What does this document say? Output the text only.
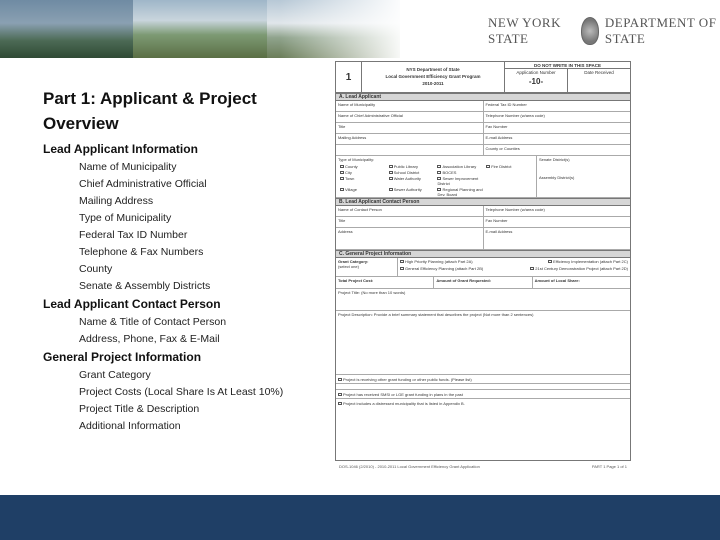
NEW YORK STATE
DEPARTMENT OF STATE
Part 1: Applicant & Project Overview
Lead Applicant Information
Name of Municipality
Chief Administrative Official
Mailing Address
Type of Municipality
Federal Tax ID Number
Telephone & Fax Numbers
County
Senate & Assembly Districts
Lead Applicant Contact Person
Name & Title of Contact Person
Address, Phone, Fax & E-Mail
General Project Information
Grant Category
Project Costs (Local Share Is At Least 10%)
Project Title & Description
Additional Information
1
NYS Department of State
Local Government Efficiency Grant Program
2010-2011
DO NOT WRITE IN THIS SPACE
Application Number
-10-
Date Received
A. Lead Applicant
Name of Municipality	Federal Tax ID Number
Name of Chief Administrative Official	Telephone Number (w/area code)
Title	Fax Number
Mailing Address	E-mail Address
County or Counties
Type of Municipality:
County	Public Library	Association Library	Fire District
City	School District	BOCES
Town	Water Authority	Sewer Improvement District
Village	Sewer Authority	Regional Planning and Dev. Board
Senate District(s)
Assembly District(s)
B. Lead Applicant Contact Person
Name of Contact Person	Telephone Number (w/area code)
Title	Fax Number
Address	E-mail Address
C. General Project Information
Grant Category:
(select one)
High Priority Planning (attach Part 2A)	Efficiency Implementation (attach Part 2C)
General Efficiency Planning (attach Part 2B)	21st Century Demonstration Project (attach Part 2D)
Total Project Cost:	Amount of Grant Requested:	Amount of Local Share:
Project Title: (No more than 10 words)
Project Description: Provide a brief summary statement that describes the project (Not more than 2 sentences)
Project is receiving other grant funding or other public funds. (Please list)
Project has received SMSI or LGE grant funding in plans in the past
Project includes a distressed municipality that is listed in Appendix B.
DOS-1046 (2/2010) - 2010-2011 Local Government Efficiency Grant Application	PART 1 Page 1 of 1
